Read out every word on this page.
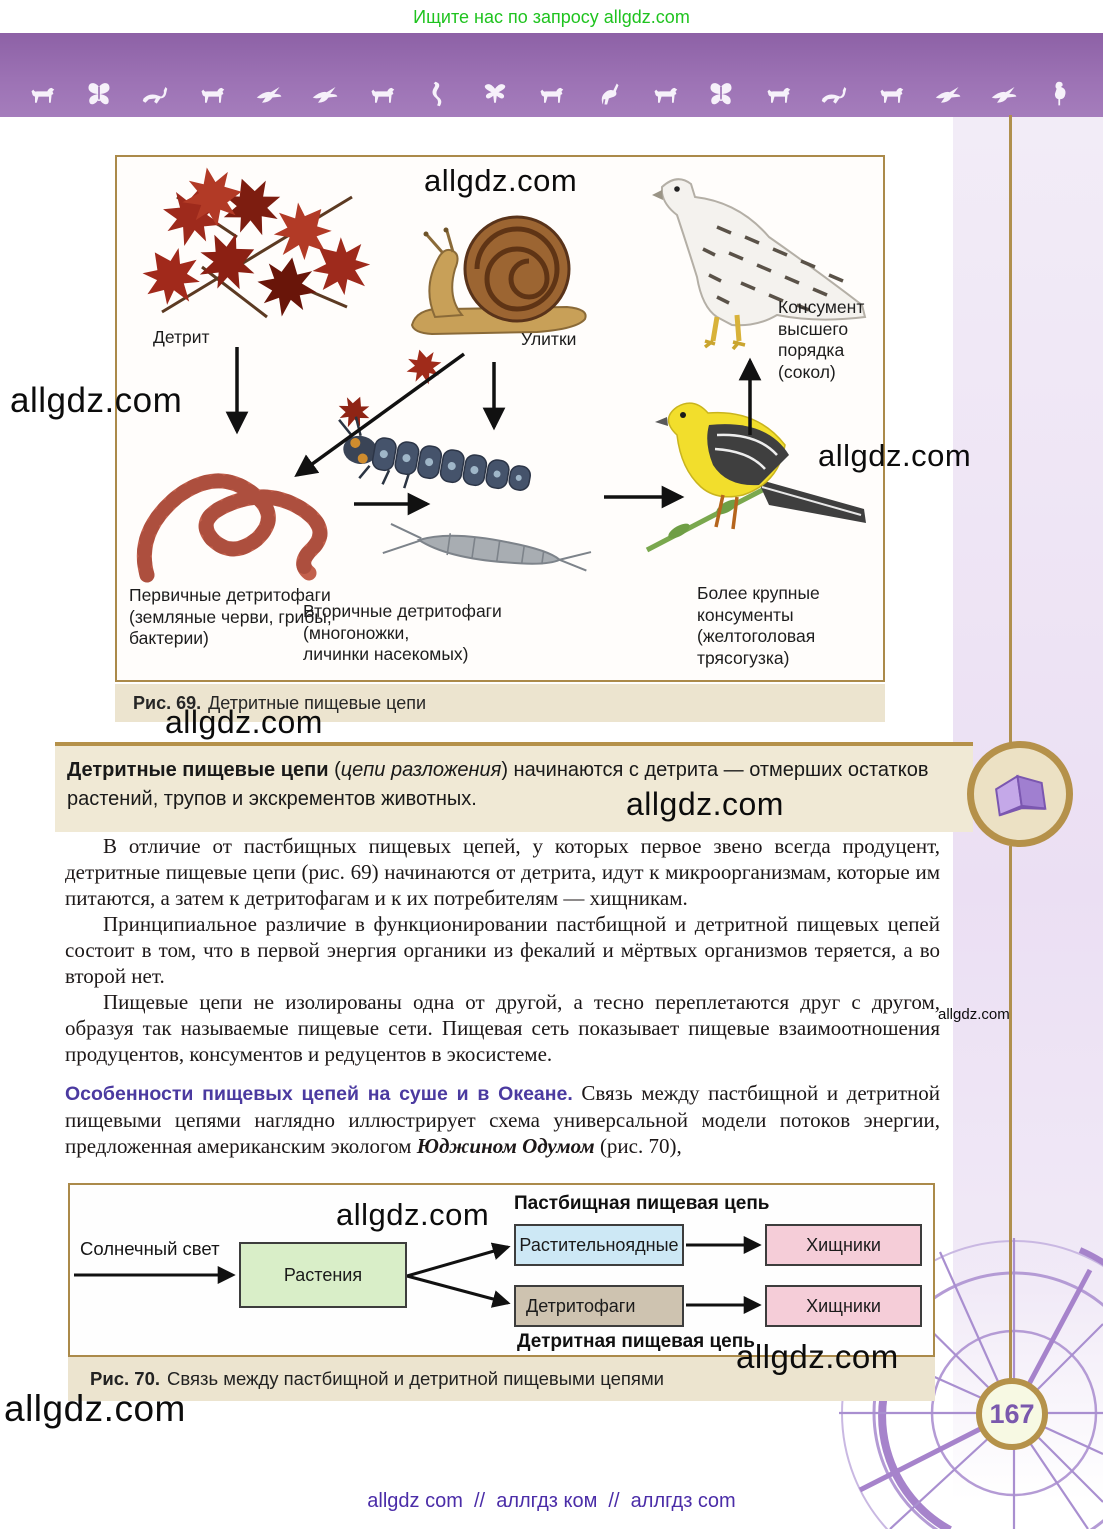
Ищите нас по запросу allgdz.com
Детрит	Улитки
Консумент
высшего
порядка
(сокол)
Первичные детритофаги
(земляные черви, грибы,
бактерии)
Вторичные детритофаги
(многоножки,
личинки насекомых)
Более крупные
консументы
(желтоголовая
трясогузка)
Рис. 69. Детритные пищевые цепи
Детритные пищевые цепи (цепи разложения) начинаются с детрита — отмерших остатков растений, трупов и экскрементов животных.

В отличие от пастбищных пищевых цепей, у которых первое звено всегда продуцент, детритные пищевые цепи (рис. 69) начинаются от детрита, идут к микроорганизмам, которые им питаются, а затем к детритофагам и к их потребителям — хищникам.

Принципиальное различие в функционировании пастбищной и детритной пищевых цепей состоит в том, что в первой энергия органики из фекалий и мёртвых организмов теряется, а во второй нет.

Пищевые цепи не изолированы одна от другой, а тесно переплетаются друг с другом, образуя так называемые пищевые сети. Пищевая сеть показывает пищевые взаимоотношения продуцентов, консументов и редуцентов в экосистеме.

Особенности пищевых цепей на суше и в Океане. Связь между пастбищной и детритной пищевыми цепями наглядно иллюстрирует схема универсальной модели потоков энергии, предложенная американским экологом Юджином Одумом (рис. 70),

Солнечный свет
Пастбищная пищевая цепь
Растения
Растительноядные	Хищники
Детритофаги	Хищники
Детритная пищевая цепь
Рис. 70. Связь между пастбищной и детритной пищевыми цепями
167
allgdz.com
allgdz.com
allgdz.com
allgdz.com
allgdz.com
allgdz.com
allgdz.com
allgdz.com
allgdz.com
allgdz com  //  аллгдз ком  //  аллгдз com
